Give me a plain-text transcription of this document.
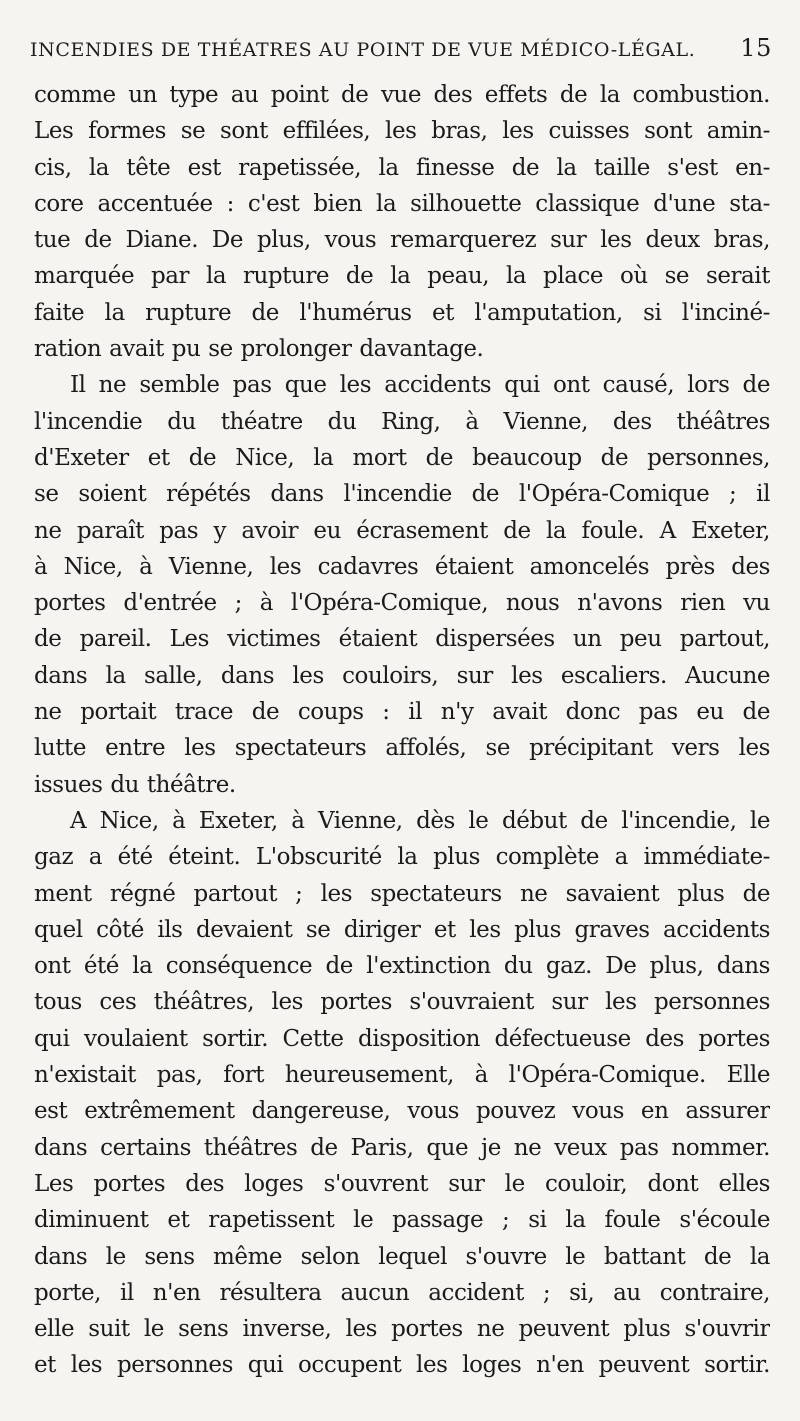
INCENDIES DE THÉATRES AU POINT DE VUE MÉDICO-LÉGAL. 15
comme un type au point de vue des effets de la combustion.
Les formes se sont effilées, les bras, les cuisses sont amin-
cis, la tête est rapetissée, la finesse de la taille s'est en-
core accentuée : c'est bien la silhouette classique d'une sta-
tue de Diane. De plus, vous remarquerez sur les deux bras,
marquée par la rupture de la peau, la place où se serait
faite la rupture de l'humérus et l'amputation, si l'inciné-
ration avait pu se prolonger davantage.
Il ne semble pas que les accidents qui ont causé, lors de
l'incendie du théatre du Ring, à Vienne, des théâtres
d'Exeter et de Nice, la mort de beaucoup de personnes,
se soient répétés dans l'incendie de l'Opéra-Comique ; il
ne paraît pas y avoir eu écrasement de la foule. A Exeter,
à Nice, à Vienne, les cadavres étaient amoncelés près des
portes d'entrée ; à l'Opéra-Comique, nous n'avons rien vu
de pareil. Les victimes étaient dispersées un peu partout,
dans la salle, dans les couloirs, sur les escaliers. Aucune
ne portait trace de coups : il n'y avait donc pas eu de
lutte entre les spectateurs affolés, se précipitant vers les
issues du théâtre.
A Nice, à Exeter, à Vienne, dès le début de l'incendie, le
gaz a été éteint. L'obscurité la plus complète a immédiate-
ment régné partout ; les spectateurs ne savaient plus de
quel côté ils devaient se diriger et les plus graves accidents
ont été la conséquence de l'extinction du gaz. De plus, dans
tous ces théâtres, les portes s'ouvraient sur les personnes
qui voulaient sortir. Cette disposition défectueuse des portes
n'existait pas, fort heureusement, à l'Opéra-Comique. Elle
est extrêmement dangereuse, vous pouvez vous en assurer
dans certains théâtres de Paris, que je ne veux pas nommer.
Les portes des loges s'ouvrent sur le couloir, dont elles
diminuent et rapetissent le passage ; si la foule s'écoule
dans le sens même selon lequel s'ouvre le battant de la
porte, il n'en résultera aucun accident ; si, au contraire,
elle suit le sens inverse, les portes ne peuvent plus s'ouvrir
et les personnes qui occupent les loges n'en peuvent sortir.
